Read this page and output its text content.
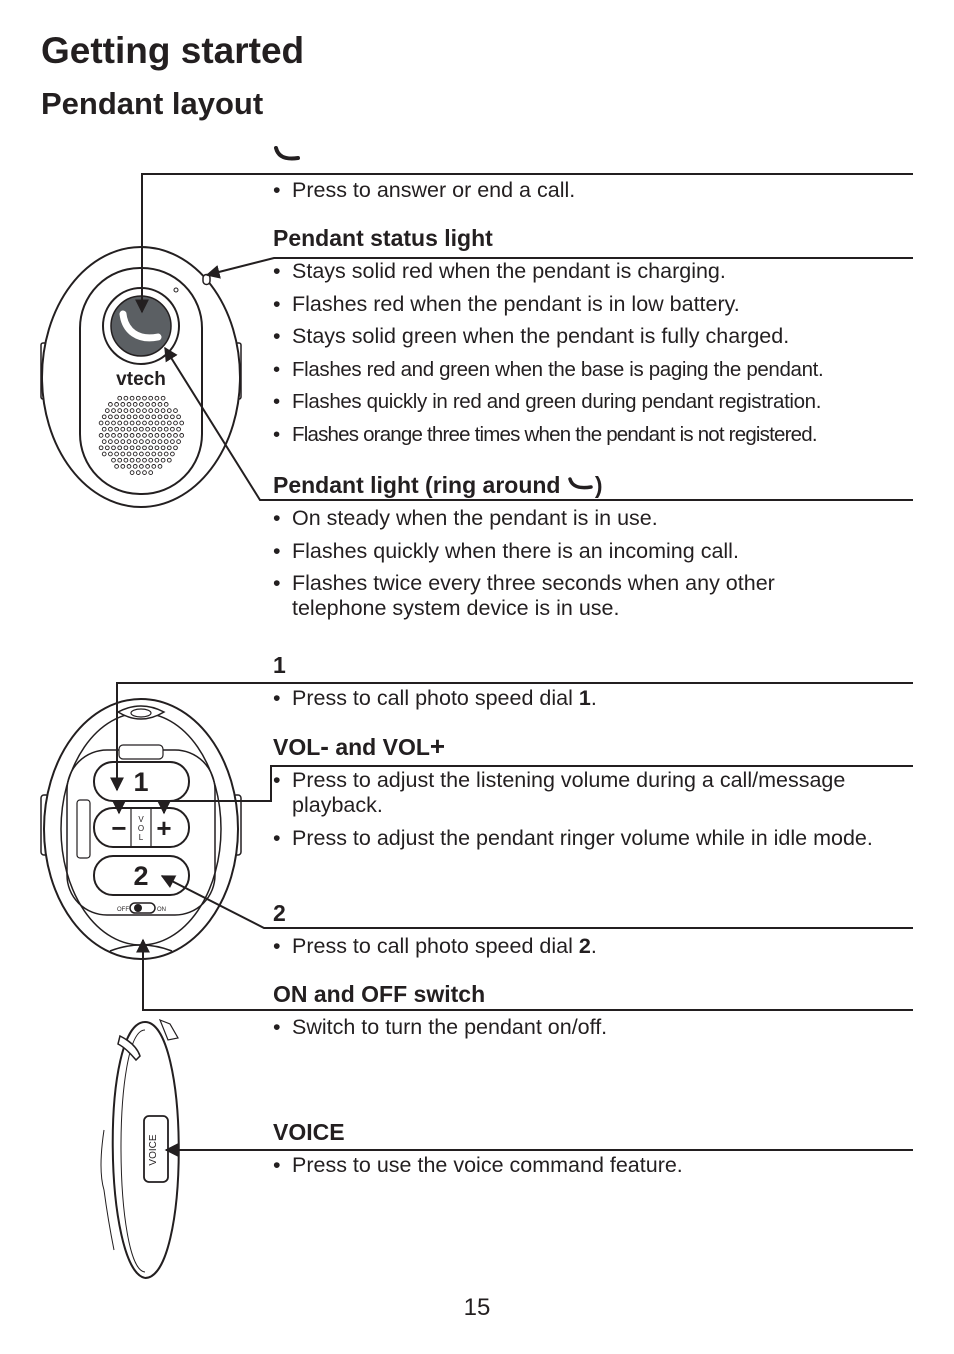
Getting started
Pendant layout
vtech
1
− +
V
O
L
2
OFF	ON
VOICE
• Press to answer or end a call.
Pendant status light
• Stays solid red when the pendant is charging.
• Flashes red when the pendant is in low battery.
• Stays solid green when the pendant is fully charged.
• Flashes red and green when the base is paging the pendant.
• Flashes quickly in red and green during pendant registration.
• Flashes orange three times when the pendant is not registered.
Pendant light (ring around )
• On steady when the pendant is in use.
• Flashes quickly when there is an incoming call.
• Flashes twice every three seconds when any other telephone system device is in use.
1
• Press to call photo speed dial 1.
VOL- and VOL+
• Press to adjust the listening volume during a call/message playback.
• Press to adjust the pendant ringer volume while in idle mode.
2
• Press to call photo speed dial 2.
ON and OFF switch
• Switch to turn the pendant on/off.
VOICE
• Press to use the voice command feature.
15
